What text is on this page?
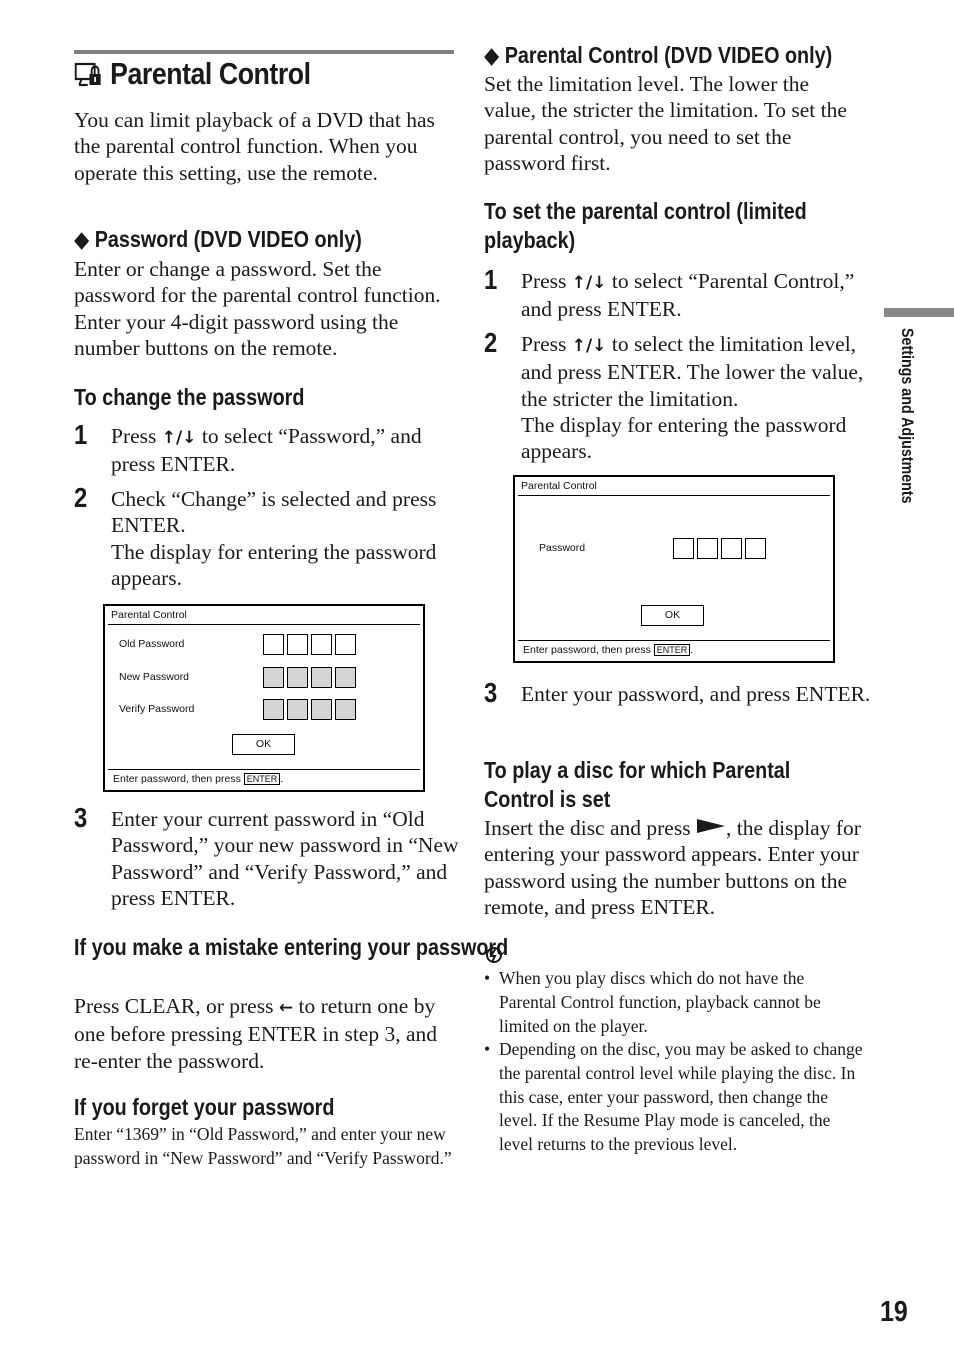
Parental Control
You can limit playback of a DVD that has the parental control function. When you operate this setting, use the remote.
◆ Password (DVD VIDEO only)
Enter or change a password. Set the password for the parental control function. Enter your 4-digit password using the number buttons on the remote.
To change the password
1 Press ↑/↓ to select “Password,” and press ENTER.
2 Check “Change” is selected and press ENTER.
The display for entering the password appears.
Parental Control
Old Password
New Password
Verify Password
OK
Enter password, then press ENTER .
3 Enter your current password in “Old Password,” your new password in “New Password” and “Verify Password,” and press ENTER.
If you make a mistake entering your password
Press CLEAR, or press ← to return one by one before pressing ENTER in step 3, and re-enter the password.
If you forget your password
Enter “1369” in “Old Password,” and enter your new password in “New Password” and “Verify Password.”
◆ Parental Control (DVD VIDEO only)
Set the limitation level. The lower the value, the stricter the limitation. To set the parental control, you need to set the password first.
To set the parental control (limited
playback)
1 Press ↑/↓ to select “Parental Control,” and press ENTER.
2 Press ↑/↓ to select the limitation level, and press ENTER. The lower the value, the stricter the limitation.
The display for entering the password appears.
Parental Control
Password
OK
Enter password, then press ENTER .
3 Enter your password, and press ENTER.
To play a disc for which Parental
Control is set
Insert the disc and press , the display for entering your password appears. Enter your password using the number buttons on the remote, and press ENTER.
• When you play discs which do not have the Parental Control function, playback cannot be limited on the player.
• Depending on the disc, you may be asked to change the parental control level while playing the disc. In this case, enter your password, then change the level. If the Resume Play mode is canceled, the level returns to the previous level.
Settings and Adjustments
19
